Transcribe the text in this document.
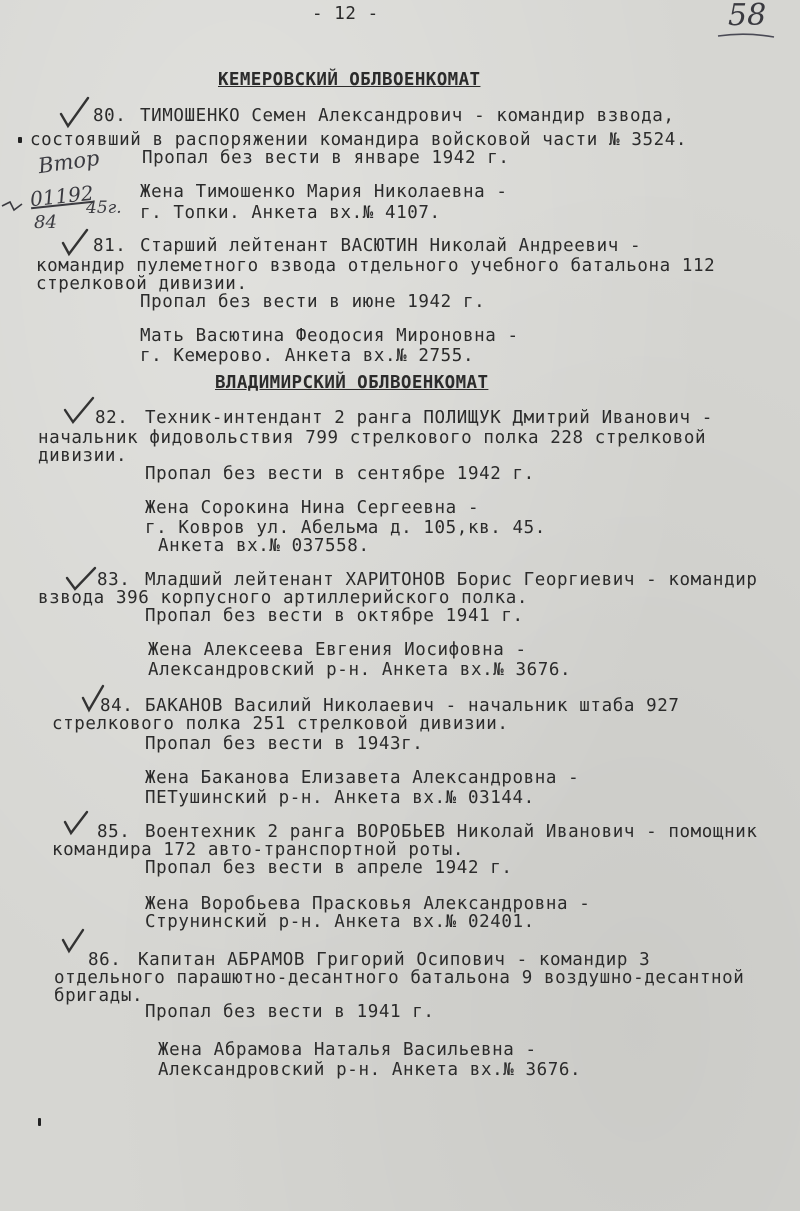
- 12 -	58
КЕМЕРОВСКИЙ ОБЛВОЕНКОМАТ
80. ТИМОШЕНКО Семен Александрович - командир взвода,
состоявший в распоряжении командира войсковой части № 3524.
Пропал без вести в январе 1942 г.
Жена Тимошенко Мария Николаевна -
г. Топки. Анкета вх.№ 4107.
Втор
01192
84
45г.
81. Старший лейтенант ВАСЮТИН Николай Андреевич -
командир пулеметного взвода отдельного учебного батальона 112
стрелковой дивизии.
Пропал без вести в июне 1942 г.
Мать Васютина Феодосия Мироновна -
г. Кемерово. Анкета вх.№ 2755.
ВЛАДИМИРСКИЙ ОБЛВОЕНКОМАТ
82. Техник-интендант 2 ранга ПОЛИЩУК Дмитрий Иванович -
начальник фидовольствия 799 стрелкового полка 228 стрелковой
дивизии.
Пропал без вести в сентябре 1942 г.
Жена Сорокина Нина Сергеевна -
г. Ковров ул. Абельма д. 105,кв. 45.
Анкета вх.№ 037558.
83. Младший лейтенант ХАРИТОНОВ Борис Георгиевич - командир
взвода 396 корпусного артиллерийского полка.
Пропал без вести в октябре 1941 г.
Жена Алексеева Евгения Иосифовна -
Александровский р-н. Анкета вх.№ 3676.
84. БАКАНОВ Василий Николаевич - начальник штаба 927
стрелкового полка 251 стрелковой дивизии.
Пропал без вести в 1943г.
Жена Баканова Елизавета Александровна -
ПЕТушинский р-н. Анкета вх.№ 03144.
85. Воентехник 2 ранга ВОРОБЬЕВ Николай Иванович - помощник
командира 172 авто-транспортной роты.
Пропал без вести в апреле 1942 г.
Жена Воробьева Прасковья Александровна -
Струнинский р-н. Анкета вх.№ 02401.
86. Капитан АБРАМОВ Григорий Осипович - командир 3
отдельного парашютно-десантного батальона 9 воздушно-десантной
бригады.
Пропал без вести в 1941 г.
Жена Абрамова Наталья Васильевна -
Александровский р-н. Анкета вх.№ 3676.
